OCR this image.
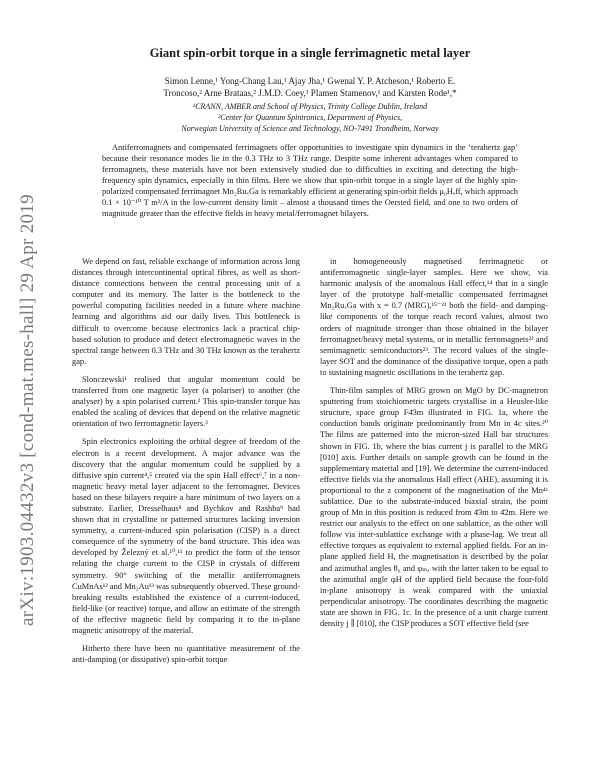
arXiv:1903.04432v3 [cond-mat.mes-hall] 29 Apr 2019
Giant spin-orbit torque in a single ferrimagnetic metal layer
Simon Lenne,¹ Yong-Chang Lau,¹ Ajay Jha,¹ Gwenal Y. P. Atcheson,¹ Roberto E.
Troncoso,² Arne Brataas,² J.M.D. Coey,¹ Plamen Stamenov,¹ and Karsten Rode¹,*
¹CRANN, AMBER and School of Physics, Trinity College Dublin, Ireland
²Center for Quantum Spintronics, Department of Physics,
Norwegian University of Science and Technology, NO-7491 Trondheim, Norway
Antiferromagnets and compensated ferrimagnets offer opportunities to investigate spin dynamics in the ‘terahertz gap’ because their resonance modes lie in the 0.3 THz to 3 THz range. Despite some inherent advantages when compared to ferromagnets, these materials have not been extensively studied due to difficulties in exciting and detecting the high-frequency spin dynamics, especially in thin films. Here we show that spin-orbit torque in a single layer of the highly spin-polarized compensated ferrimagnet Mn₂RuₓGa is remarkably efficient at generating spin-orbit fields μ₀Hₑff, which approach 0.1 × 10⁻¹⁰ T m²/A in the low-current density limit – almost a thousand times the Oersted field, and one to two orders of magnitude greater than the effective fields in heavy metal/ferromagnet bilayers.

We depend on fast, reliable exchange of information across long distances through intercontinental optical fibres, as well as short-distance connections between the central processing unit of a computer and its memory. The latter is the bottleneck to the powerful computing facilities needed in a future where machine learning and algorithms aid our daily lives. This bottleneck is difficult to overcome because electronics lack a practical chip-based solution to produce and detect electromagnetic waves in the spectral range between 0.3 THz and 30 THz known as the terahertz gap.

Slonczewski¹ realised that angular momentum could be transferred from one magnetic layer (a polariser) to another (the analyser) by a spin polarised current.² This spin-transfer torque has enabled the scaling of devices that depend on the relative magnetic orientation of two ferromagnetic layers.³

Spin electronics exploiting the orbital degree of freedom of the electron is a recent development. A major advance was the discovery that the angular momentum could be supplied by a diffusive spin current⁴,⁵ created via the spin Hall effect⁶,⁷ in a non-magnetic heavy metal layer adjacent to the ferromagnet. Devices based on these bilayers require a bare minimum of two layers on a substrate. Earlier, Dresselhaus⁸ and Bychkov and Rashba⁹ had shown that in crystalline or patterned structures lacking inversion symmetry, a current-induced spin polarisation (CISP) is a direct consequence of the symmetry of the band structure. This idea was developed by Železný et al.¹⁰,¹¹ to predict the form of the tensor relating the charge current to the CISP in crystals of different symmetry. 90° switching of the metallic antiferromagnets CuMnAs¹² and Mn₂Au¹³ was subsequently observed. These ground-breaking results established the existence of a current-induced, field-like (or reactive) torque, and allow an estimate of the strength of the effective magnetic field by comparing it to the in-plane magnetic anisotropy of the material.

Hitherto there have been no quantitative measurement of the anti-damping (or dissipative) spin-orbit torque

in homogeneously magnetised ferrimagnetic or antiferromagnetic single-layer samples. Here we show, via harmonic analysis of the anomalous Hall effect,¹⁴ that in a single layer of the prototype half-metallic compensated ferrimagnet Mn₂RuₓGa with x = 0.7 (MRG),¹⁵⁻²¹ both the field- and damping-like components of the torque reach record values, almost two orders of magnitude stronger than those obtained in the bilayer ferromagnet/heavy metal systems, or in metallic ferromagnets²² and semimagnetic semiconductors²³. The record values of the single-layer SOT and the dominance of the dissipative torque, open a path to sustaining magnetic oscillations in the terahertz gap.

Thin-film samples of MRG grown on MgO by DC-magnetron sputtering from stoichiometric targets crystallise in a Heusler-like structure, space group F4̄3m illustrated in FIG. 1a, where the conduction bands originate predominantly from Mn in 4c sites.²⁰ The films are patterned into the micron-sized Hall bar structures shown in FIG. 1b, where the bias current j is parallel to the MRG [010] axis. Further details on sample growth can be found in the supplementary material and [19]. We determine the current-induced effective fields via the anomalous Hall effect (AHE), assuming it is proportional to the z component of the magnetisation of the Mn⁴ᶜ sublattice. Due to the substrate-induced biaxial strain, the point group of Mn in this position is reduced from 4̄3m to 4̄2m. Here we restrict our analysis to the effect on one sublattice, as the other will follow via inter-sublattice exchange with a phase-lag. We treat all effective torques as equivalent to external applied fields. For an in-plane applied field H, the magnetisation is described by the polar and azimuthal angles θ₀ and φₘ, with the latter taken to be equal to the azimuthal angle φH of the applied field because the four-fold in-plane anisotropy is weak compared with the uniaxial perpendicular anisotropy. The coordinates describing the magnetic state are shown in FIG. 1c. In the presence of a unit charge current density j ∥ [010], the CISP produces a SOT effective field (see
